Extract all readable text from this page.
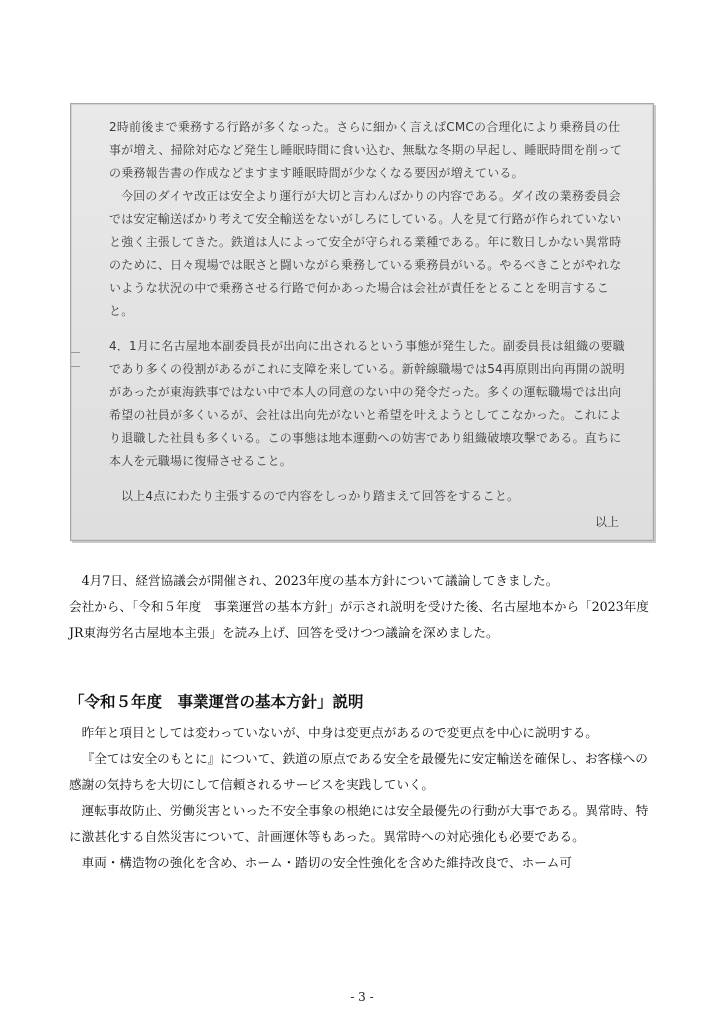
2時前後まで乗務する行路が多くなった。さらに細かく言えばCMCの合理化により乗務員の仕事が増え、掃除対応など発生し睡眠時間に食い込む、無駄な冬期の早起し、睡眠時間を削っての乗務報告書の作成などますます睡眠時間が少なくなる要因が増えている。

今回のダイヤ改正は安全より運行が大切と言わんばかりの内容である。ダイ改の業務委員会では安定輸送ばかり考えて安全輸送をないがしろにしている。人を見て行路が作られていないと強く主張してきた。鉄道は人によって安全が守られる業種である。年に数日しかない異常時のために、日々現場では眠さと闘いながら乗務している乗務員がいる。やるべきことがやれないような状況の中で乗務させる行路で何かあった場合は会社が責任をとることを明言すること。

4．1月に名古屋地本副委員長が出向に出されるという事態が発生した。副委員長は組織の要職であり多くの役割があるがこれに支障を来している。新幹線職場では54再原則出向再開の説明があったが東海鉄事ではない中で本人の同意のない中の発令だった。多くの運転職場では出向希望の社員が多くいるが、会社は出向先がないと希望を叶えようとしてこなかった。これにより退職した社員も多くいる。この事態は地本運動への妨害であり組織破壊攻撃である。直ちに本人を元職場に復帰させること。

以上4点にわたり主張するので内容をしっかり踏まえて回答をすること。

以上

4月7日、経営協議会が開催され、2023年度の基本方針について議論してきました。

会社から、「令和５年度　事業運営の基本方針」が示され説明を受けた後、名古屋地本から「2023年度　JR東海労名古屋地本主張」を読み上げ、回答を受けつつ議論を深めました。

「令和５年度　事業運営の基本方針」説明

昨年と項目としては変わっていないが、中身は変更点があるので変更点を中心に説明する。

『全ては安全のもとに』について、鉄道の原点である安全を最優先に安定輸送を確保し、お客様への感謝の気持ちを大切にして信頼されるサービスを実践していく。

運転事故防止、労働災害といった不安全事象の根絶には安全最優先の行動が大事である。異常時、特に激甚化する自然災害について、計画運休等もあった。異常時への対応強化も必要である。

車両・構造物の強化を含め、ホーム・踏切の安全性強化を含めた維持改良で、ホーム可

- 3 -
